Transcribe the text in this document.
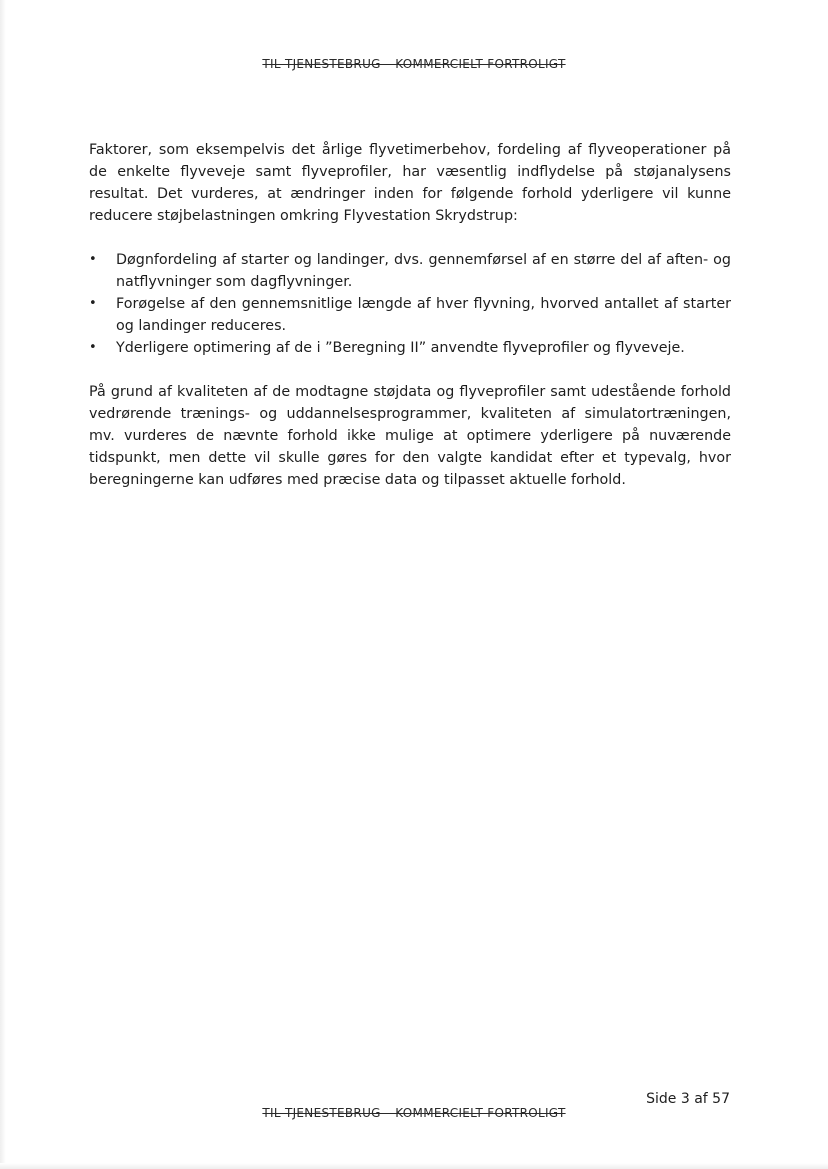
TIL TJENESTEBRUG – KOMMERCIELT FORTROLIGT

Faktorer, som eksempelvis det årlige flyvetimerbehov, fordeling af flyveoperationer på de enkelte flyveveje samt flyveprofiler, har væsentlig indflydelse på støjanalysens resultat. Det vurderes, at ændringer inden for følgende forhold yderligere vil kunne reducere støjbelastningen omkring Flyvestation Skrydstrup:

• Døgnfordeling af starter og landinger, dvs. gennemførsel af en større del af aften- og natflyvninger som dagflyvninger.
• Forøgelse af den gennemsnitlige længde af hver flyvning, hvorved antallet af starter og landinger reduceres.
• Yderligere optimering af de i ”Beregning II” anvendte flyveprofiler og flyveveje.

På grund af kvaliteten af de modtagne støjdata og flyveprofiler samt udestående forhold vedrørende trænings- og uddannelsesprogrammer, kvaliteten af simulatortræningen, mv. vurderes de nævnte forhold ikke mulige at optimere yderligere på nuværende tidspunkt, men dette vil skulle gøres for den valgte kandidat efter et typevalg, hvor beregningerne kan udføres med præcise data og tilpasset aktuelle forhold.

Side 3 af 57
TIL TJENESTEBRUG – KOMMERCIELT FORTROLIGT
